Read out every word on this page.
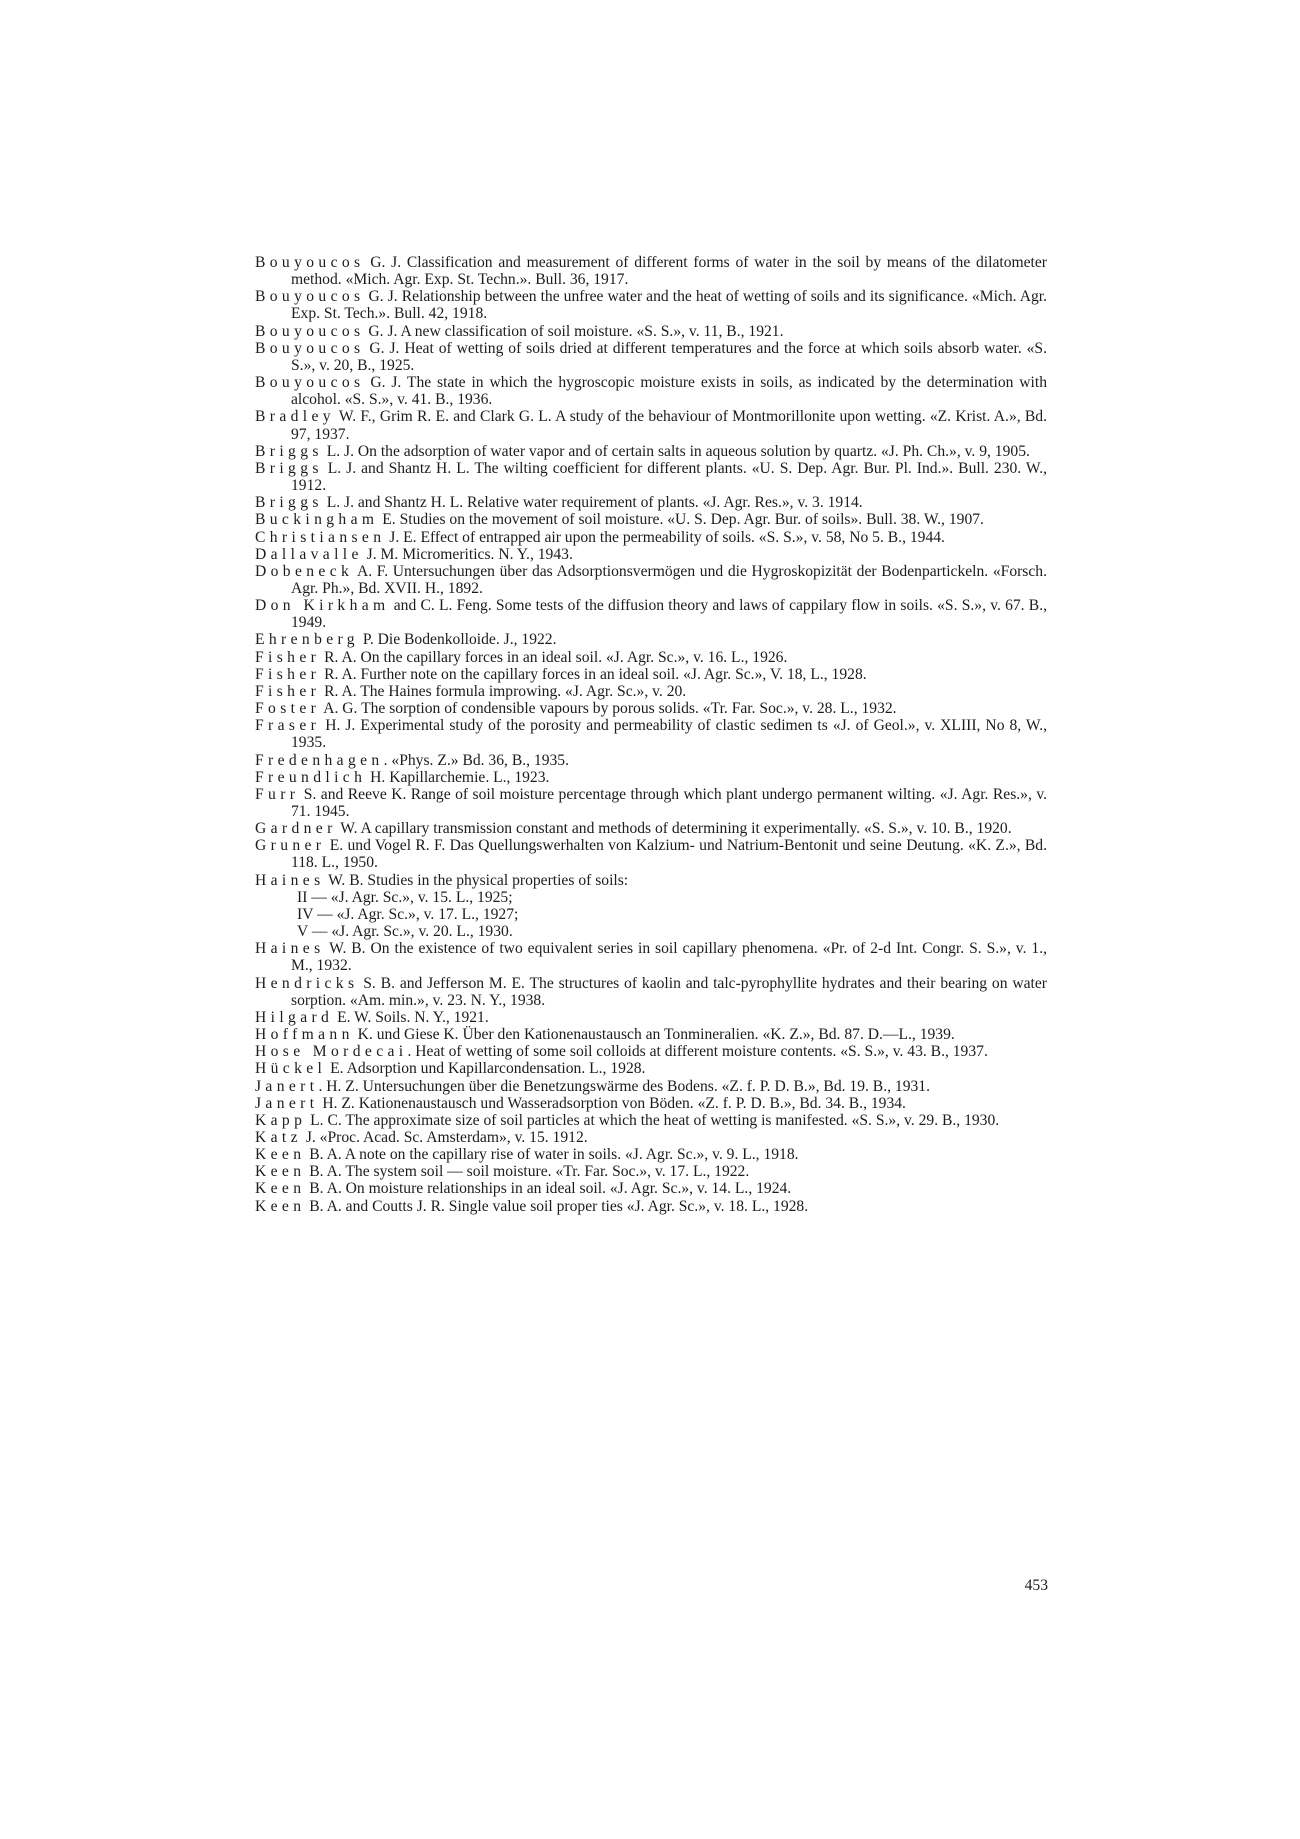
Bouyoucos G. J. Classification and measurement of different forms of water in the soil by means of the dilatometer method. «Mich. Agr. Exp. St. Techn.». Bull. 36, 1917.

Bouyoucos G. J. Relationship between the unfree water and the heat of wetting of soils and its significance. «Mich. Agr. Exp. St. Tech.». Bull. 42, 1918.

Bouyoucos G. J. A new classification of soil moisture. «S. S.», v. 11, B., 1921.

Bouyoucos G. J. Heat of wetting of soils dried at different temperatures and the force at which soils absorb water. «S. S.», v. 20, B., 1925.

Bouyoucos G. J. The state in which the hygroscopic moisture exists in soils, as indicated by the determination with alcohol. «S. S.», v. 41. B., 1936.

Bradley W. F., Grim R. E. and Clark G. L. A study of the behaviour of Montmorillonite upon wetting. «Z. Krist. A.», Bd. 97, 1937.

Briggs L. J. On the adsorption of water vapor and of certain salts in aqueous solution by quartz. «J. Ph. Ch.», v. 9, 1905.

Briggs L. J. and Shantz H. L. The wilting coefficient for different plants. «U. S. Dep. Agr. Bur. Pl. Ind.». Bull. 230. W., 1912.

Briggs L. J. and Shantz H. L. Relative water requirement of plants. «J. Agr. Res.», v. 3. 1914.

Buckingham E. Studies on the movement of soil moisture. «U. S. Dep. Agr. Bur. of soils». Bull. 38. W., 1907.

Christiansen J. E. Effect of entrapped air upon the permeability of soils. «S. S.», v. 58, No 5. B., 1944.

Dallavalle J. M. Micromeritics. N. Y., 1943.

Dobeneck A. F. Untersuchungen über das Adsorptionsvermögen und die Hygroskopizität der Bodenpartickeln. «Forsch. Agr. Ph.», Bd. XVII. H., 1892.

Don Kirkham and C. L. Feng. Some tests of the diffusion theory and laws of cappilary flow in soils. «S. S.», v. 67. B., 1949.

Ehrenberg P. Die Bodenkolloide. J., 1922.

Fisher R. A. On the capillary forces in an ideal soil. «J. Agr. Sc.», v. 16. L., 1926.

Fisher R. A. Further note on the capillary forces in an ideal soil. «J. Agr. Sc.», V. 18, L., 1928.

Fisher R. A. The Haines formula improwing. «J. Agr. Sc.», v. 20.

Foster A. G. The sorption of condensible vapours by porous solids. «Tr. Far. Soc.», v. 28. L., 1932.

Fraser H. J. Experimental study of the porosity and permeability of clastic sedimen ts «J. of Geol.», v. XLIII, No 8, W., 1935.

Fredenhagen. «Phys. Z.» Bd. 36, B., 1935.

Freundlich H. Kapillarchemie. L., 1923.

Furr S. and Reeve K. Range of soil moisture percentage through which plant undergo permanent wilting. «J. Agr. Res.», v. 71. 1945.

Gardner W. A capillary transmission constant and methods of determining it experimentally. «S. S.», v. 10. B., 1920.

Gruner E. und Vogel R. F. Das Quellungswerhalten von Kalzium- und Natrium-Bentonit und seine Deutung. «K. Z.», Bd. 118. L., 1950.

Haines W. B. Studies in the physical properties of soils:

II — «J. Agr. Sc.», v. 15. L., 1925;

IV — «J. Agr. Sc.», v. 17. L., 1927;

V — «J. Agr. Sc.», v. 20. L., 1930.

Haines W. B. On the existence of two equivalent series in soil capillary phenomena. «Pr. of 2-d Int. Congr. S. S.», v. 1., M., 1932.

Hendricks S. B. and Jefferson M. E. The structures of kaolin and talc-pyrophyllite hydrates and their bearing on water sorption. «Am. min.», v. 23. N. Y., 1938.

Hilgard E. W. Soils. N. Y., 1921.

Hoffmann K. und Giese K. Über den Kationenaustausch an Tonmineralien. «K. Z.», Bd. 87. D.—L., 1939.

Hose Mordecai. Heat of wetting of some soil colloids at different moisture contents. «S. S.», v. 43. B., 1937.

Hückel E. Adsorption und Kapillarcondensation. L., 1928.

Janert. H. Z. Untersuchungen über die Benetzungswärme des Bodens. «Z. f. P. D. B.», Bd. 19. B., 1931.

Janert H. Z. Kationenaustausch und Wasseradsorption von Böden. «Z. f. P. D. B.», Bd. 34. B., 1934.

Kapp L. C. The approximate size of soil particles at which the heat of wetting is manifested. «S. S.», v. 29. B., 1930.

Katz J. «Proc. Acad. Sc. Amsterdam», v. 15. 1912.

Keen B. A. A note on the capillary rise of water in soils. «J. Agr. Sc.», v. 9. L., 1918.

Keen B. A. The system soil — soil moisture. «Tr. Far. Soc.», v. 17. L., 1922.

Keen B. A. On moisture relationships in an ideal soil. «J. Agr. Sc.», v. 14. L., 1924.

Keen B. A. and Coutts J. R. Single value soil proper ties «J. Agr. Sc.», v. 18. L., 1928.

453
